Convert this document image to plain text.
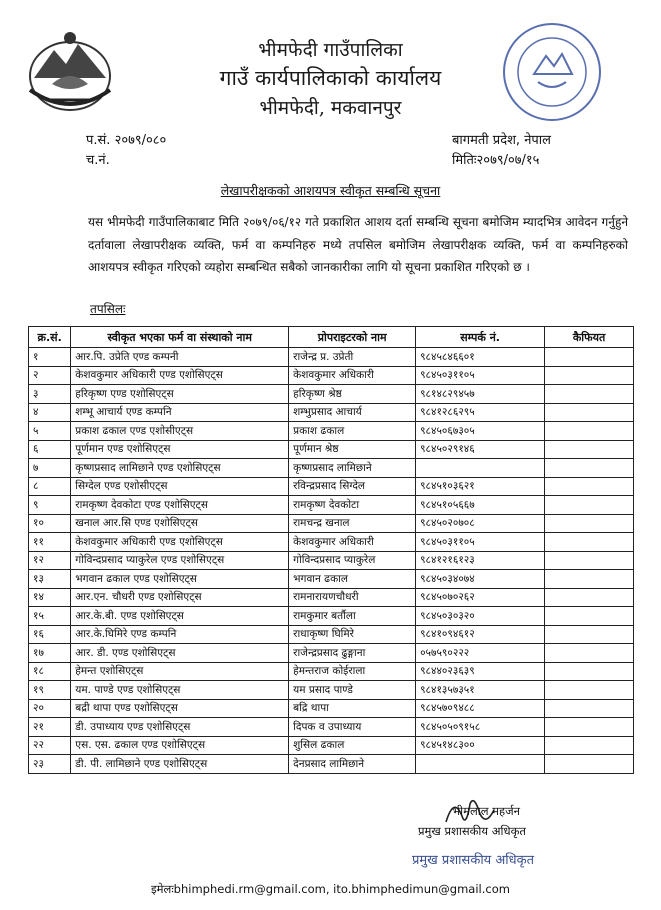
भीमफेदी गाउँपालिका
गाउँ कार्यपालिकाको कार्यालय
भीमफेदी, मकवानपुर
प.सं. २०७९/०८०
च.नं.
बागमती प्रदेश, नेपाल
मितिः२०७९/०७/१५
लेखापरीक्षकको आशयपत्र स्वीकृत सम्बन्धि सूचना
यस भीमफेदी गाउँपालिकाबाट मिति २०७९/०६/१२ गते प्रकाशित आशय दर्ता सम्बन्धि सूचना बमोजिम म्यादभित्र आवेदन गर्नुहुने दर्तावाला लेखापरीक्षक व्यक्ति, फर्म वा कम्पनिहरु मध्ये तपसिल बमोजिम लेखापरीक्षक व्यक्ति, फर्म वा कम्पनिहरुको आशयपत्र स्वीकृत गरिएको व्यहोरा सम्बन्धित सबैको जानकारीका लागि यो सूचना प्रकाशित गरिएको छ ।
तपसिलः
क्र.सं.	स्वीकृत भएका फर्म वा संस्थाको नाम	प्रोपराइटरको नाम	सम्पर्क नं.	कैफियत
१	आर.पि. उप्रेति एण्ड कम्पनी	राजेन्द्र प्र. उप्रेती	९८४५८४६६०१	
२	केशवकुमार अधिकारी एण्ड एशोसिएट्स	केशवकुमार अधिकारी	९८४५०३११०५	
३	हरिकृष्ण एण्ड एशोसिएट्स	हरिकृष्ण श्रेष्ठ	९८१४८२९४५७	
४	शम्भू आचार्य एण्ड कम्पनि	शम्भुप्रसाद आचार्य	९८४१२८६२९५	
५	प्रकाश ढकाल एण्ड एशोसीएट्स	प्रकाश ढकाल	९८४५०६७३०५	
६	पूर्णमान एण्ड एशोसिएट्स	पूर्णमान श्रेष्ठ	९८४५०२९१४६	
७	कृष्णप्रसाद लामिछाने एण्ड एशोसिएट्स	कृष्णप्रसाद लामिछाने		
८	सिग्देल एण्ड एशोसीएट्स	रविन्द्रप्रसाद सिग्देल	९८४५१०३६२१	
९	रामकृष्ण देवकोटा एण्ड एशोसिएट्स	रामकृष्ण देवकोटा	९८४५१०५६६७	
१०	खनाल आर.सि एण्ड एशोसिएट्स	रामचन्द्र खनाल	९८४५०२०७०८	
११	केशवकुमार अधिकारी एण्ड एशोसिएट्स	केशवकुमार अधिकारी	९८४५०३११०५	
१२	गोविन्दप्रसाद प्याकुरेल एण्ड एशोसिएट्स	गोविन्दप्रसाद प्याकुरेल	९८४१२१६१२३	
१३	भगवान ढकाल एण्ड एशोसिएट्स	भगवान ढकाल	९८४५०३४०७४	
१४	आर.एन. चौधरी एण्ड एशोसिएट्स	रामनारायणचौधरी	९८४५०७०२६२	
१५	आर.के.बी. एण्ड एशोसिएट्स	रामकुमार बर्तौला	९८४५०३०३२०	
१६	आर.के.घिमिरे एण्ड कम्पनि	राधाकृष्ण घिमिरे	९८४१०९४६१२	
१७	आर. डी. एण्ड एशोसिएट्स	राजेन्द्रप्रसाद ढुङ्गाना	०५७५९०२२२	
१८	हेमन्त एशोसिएट्स	हेमन्तराज कोईराला	९८४४०२३६३९	
१९	यम. पाण्डे एण्ड एशोसिएट्स	यम प्रसाद पाण्डे	९८४१३५७३५१	
२०	बद्री थापा एण्ड एशोसिएट्स	बद्रि थापा	९८४५७०९४८८	
२१	डी. उपाध्याय एण्ड एशोसिएट्स	दिपक व उपाध्याय	९८४५०५०९१५८	
२२	एस. एस. ढकाल एण्ड एशोसिएट्स	शुसिल ढकाल	९८४५१४८३००	
२३	डी. पी. लामिछाने एण्ड एशोसिएट्स	देनप्रसाद लामिछाने		
भीमलाल महर्जन
प्रमुख प्रशासकीय अधिकृत
प्रमुख प्रशासकीय अधिकृत
इमेलःbhimphedi.rm@gmail.com, ito.bhimphedimun@gmail.com
